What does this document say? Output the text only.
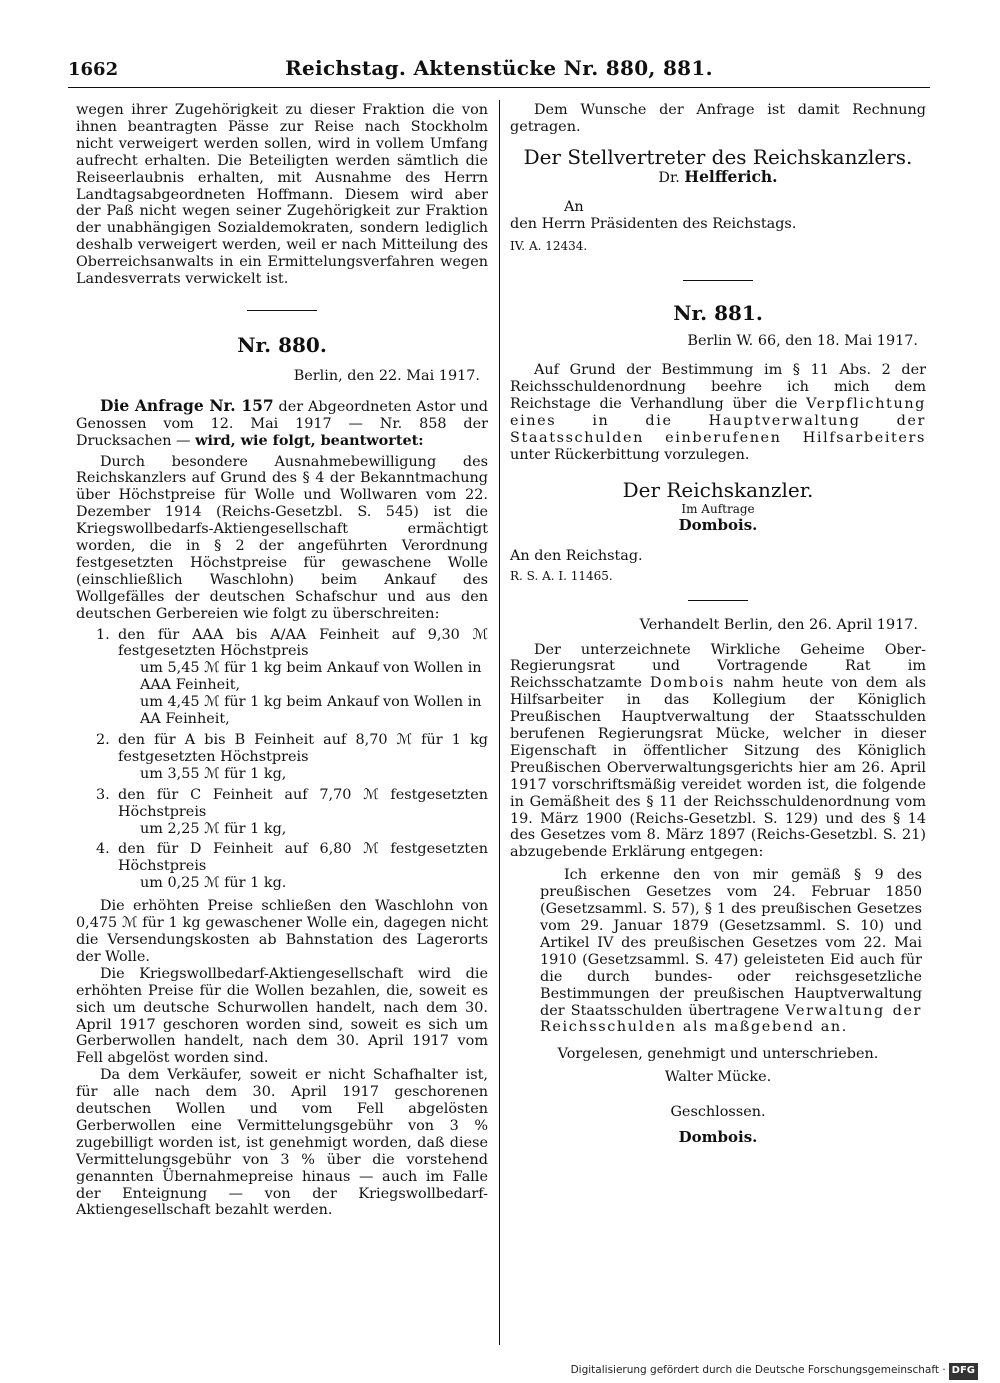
1662	Reichstag. Aktenstücke Nr. 880, 881.

wegen ihrer Zugehörigkeit zu dieser Fraktion die von ihnen beantragten Pässe zur Reise nach Stockholm nicht verweigert werden sollen, wird in vollem Umfang aufrecht erhalten. Die Beteiligten werden sämtlich die Reiseerlaubnis erhalten, mit Ausnahme des Herrn Landtagsabgeordneten Hoffmann. Diesem wird aber der Paß nicht wegen seiner Zugehörigkeit zur Fraktion der unabhängigen Sozialdemokraten, sondern lediglich deshalb verweigert werden, weil er nach Mitteilung des Oberreichsanwalts in ein Ermittelungsverfahren wegen Landesverrats verwickelt ist.

Nr. 880.

Berlin, den 22. Mai 1917.

Die Anfrage Nr. 157 der Abgeordneten Astor und Genossen vom 12. Mai 1917 — Nr. 858 der Drucksachen — wird, wie folgt, beantwortet:

Durch besondere Ausnahmebewilligung des Reichskanzlers auf Grund des § 4 der Bekanntmachung über Höchstpreise für Wolle und Wollwaren vom 22. Dezember 1914 (Reichs-Gesetzbl. S. 545) ist die Kriegswollbedarfs-Aktiengesellschaft ermächtigt worden, die in § 2 der angeführten Verordnung festgesetzten Höchstpreise für gewaschene Wolle (einschließlich Waschlohn) beim Ankauf des Wollgefälles der deutschen Schafschur und aus den deutschen Gerbereien wie folgt zu überschreiten:

1. den für AAA bis A/AA Feinheit auf 9,30 ℳ festgesetzten Höchstpreis

um 5,45 ℳ für 1 kg beim Ankauf von Wollen in AAA Feinheit,

um 4,45 ℳ für 1 kg beim Ankauf von Wollen in AA Feinheit,

2. den für A bis B Feinheit auf 8,70 ℳ für 1 kg festgesetzten Höchstpreis

um 3,55 ℳ für 1 kg,

3. den für C Feinheit auf 7,70 ℳ festgesetzten Höchstpreis

um 2,25 ℳ für 1 kg,

4. den für D Feinheit auf 6,80 ℳ festgesetzten Höchstpreis

um 0,25 ℳ für 1 kg.

Die erhöhten Preise schließen den Waschlohn von 0,475 ℳ für 1 kg gewaschener Wolle ein, dagegen nicht die Versendungskosten ab Bahnstation des Lagerorts der Wolle.

Die Kriegswollbedarf-Aktiengesellschaft wird die erhöhten Preise für die Wollen bezahlen, die, soweit es sich um deutsche Schurwollen handelt, nach dem 30. April 1917 geschoren worden sind, soweit es sich um Gerberwollen handelt, nach dem 30. April 1917 vom Fell abgelöst worden sind.

Da dem Verkäufer, soweit er nicht Schafhalter ist, für alle nach dem 30. April 1917 geschorenen deutschen Wollen und vom Fell abgelösten Gerberwollen eine Vermittelungsgebühr von 3 % zugebilligt worden ist, ist genehmigt worden, daß diese Vermittelungsgebühr von 3 % über die vorstehend genannten Übernahmepreise hinaus — auch im Falle der Enteignung — von der Kriegswollbedarf-Aktiengesellschaft bezahlt werden.

Dem Wunsche der Anfrage ist damit Rechnung getragen.

Der Stellvertreter des Reichskanzlers.
Dr. Helfferich.

An

den Herrn Präsidenten des Reichstags.

IV. A. 12434.

Nr. 881.

Berlin W. 66, den 18. Mai 1917.

Auf Grund der Bestimmung im § 11 Abs. 2 der Reichsschuldenordnung beehre ich mich dem Reichstage die Verhandlung über die Verpflichtung eines in die Hauptverwaltung der Staatsschulden einberufenen Hilfsarbeiters unter Rückerbittung vorzulegen.

Der Reichskanzler.
Im Auftrage
Dombois.

An den Reichstag.

R. S. A. I. 11465.

Verhandelt Berlin, den 26. April 1917.

Der unterzeichnete Wirkliche Geheime Ober-Regierungsrat und Vortragende Rat im Reichsschatzamte Dombois nahm heute von dem als Hilfsarbeiter in das Kollegium der Königlich Preußischen Hauptverwaltung der Staatsschulden berufenen Regierungsrat Mücke, welcher in dieser Eigenschaft in öffentlicher Sitzung des Königlich Preußischen Oberverwaltungsgerichts hier am 26. April 1917 vorschriftsmäßig vereidet worden ist, die folgende in Gemäßheit des § 11 der Reichsschuldenordnung vom 19. März 1900 (Reichs-Gesetzbl. S. 129) und des § 14 des Gesetzes vom 8. März 1897 (Reichs-Gesetzbl. S. 21) abzugebende Erklärung entgegen:

Ich erkenne den von mir gemäß § 9 des preußischen Gesetzes vom 24. Februar 1850 (Gesetzsamml. S. 57), § 1 des preußischen Gesetzes vom 29. Januar 1879 (Gesetzsamml. S. 10) und Artikel IV des preußischen Gesetzes vom 22. Mai 1910 (Gesetzsamml. S. 47) geleisteten Eid auch für die durch bundes- oder reichsgesetzliche Bestimmungen der preußischen Hauptverwaltung der Staatsschulden übertragene Verwaltung der Reichsschulden als maßgebend an.

Vorgelesen, genehmigt und unterschrieben.

Walter Mücke.

Geschlossen.

Dombois.
Digitalisierung gefördert durch die Deutsche Forschungsgemeinschaft · DFG
